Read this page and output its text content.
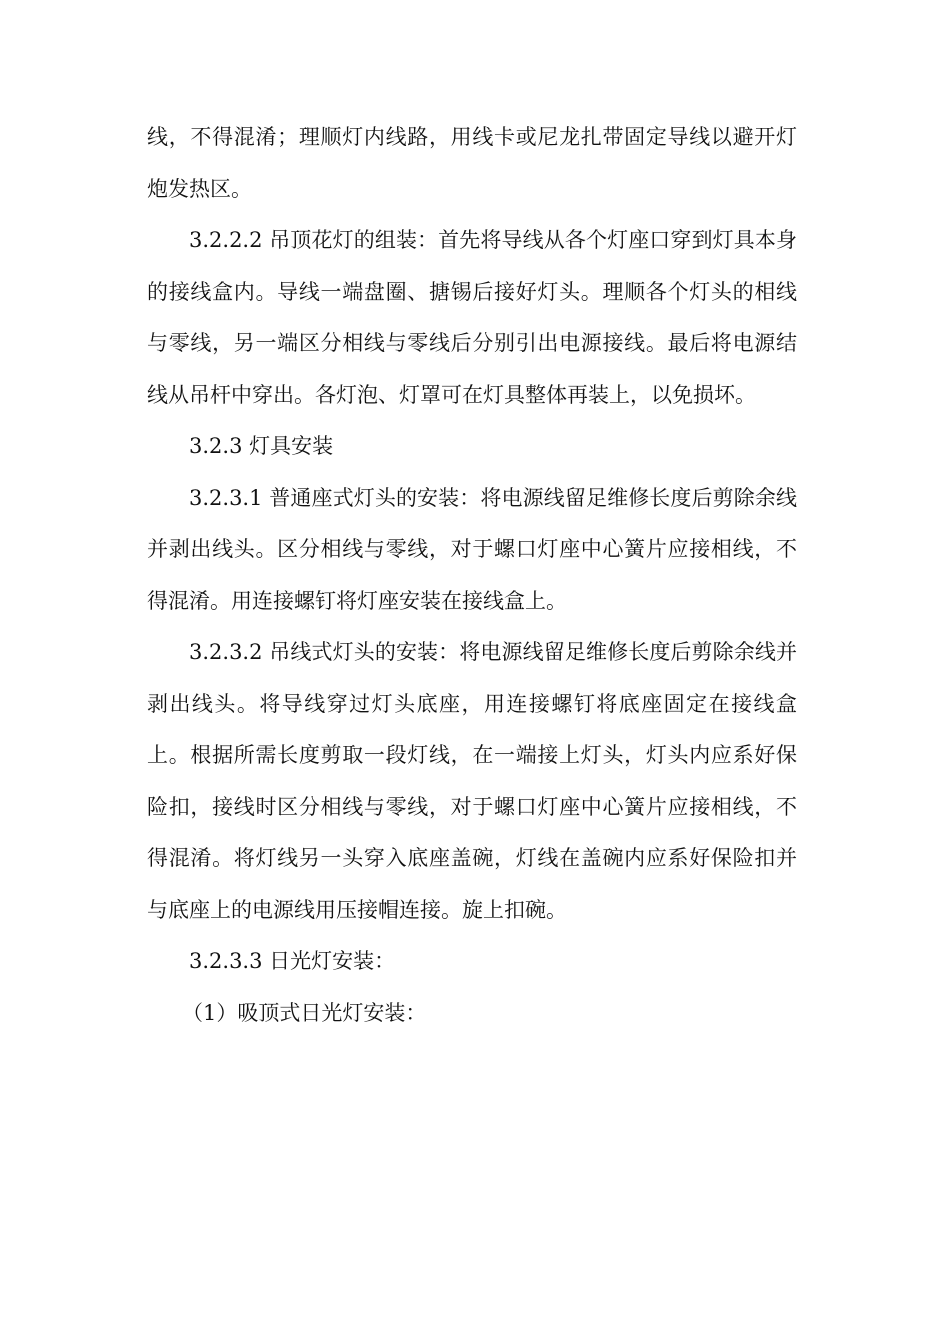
线，不得混淆；理顺灯内线路，用线卡或尼龙扎带固定导线以避开灯炮发热区。

3.2.2.2 吊顶花灯的组装：首先将导线从各个灯座口穿到灯具本身的接线盒内。导线一端盘圈、搪锡后接好灯头。理顺各个灯头的相线与零线，另一端区分相线与零线后分别引出电源接线。最后将电源结线从吊杆中穿出。各灯泡、灯罩可在灯具整体再装上，以免损坏。

3.2.3 灯具安装

3.2.3.1 普通座式灯头的安装：将电源线留足维修长度后剪除余线并剥出线头。区分相线与零线，对于螺口灯座中心簧片应接相线，不得混淆。用连接螺钉将灯座安装在接线盒上。

3.2.3.2 吊线式灯头的安装：将电源线留足维修长度后剪除余线并剥出线头。将导线穿过灯头底座，用连接螺钉将底座固定在接线盒上。根据所需长度剪取一段灯线，在一端接上灯头，灯头内应系好保险扣，接线时区分相线与零线，对于螺口灯座中心簧片应接相线，不得混淆。将灯线另一头穿入底座盖碗，灯线在盖碗内应系好保险扣并与底座上的电源线用压接帽连接。旋上扣碗。

3.2.3.3 日光灯安装：

（1）吸顶式日光灯安装：
